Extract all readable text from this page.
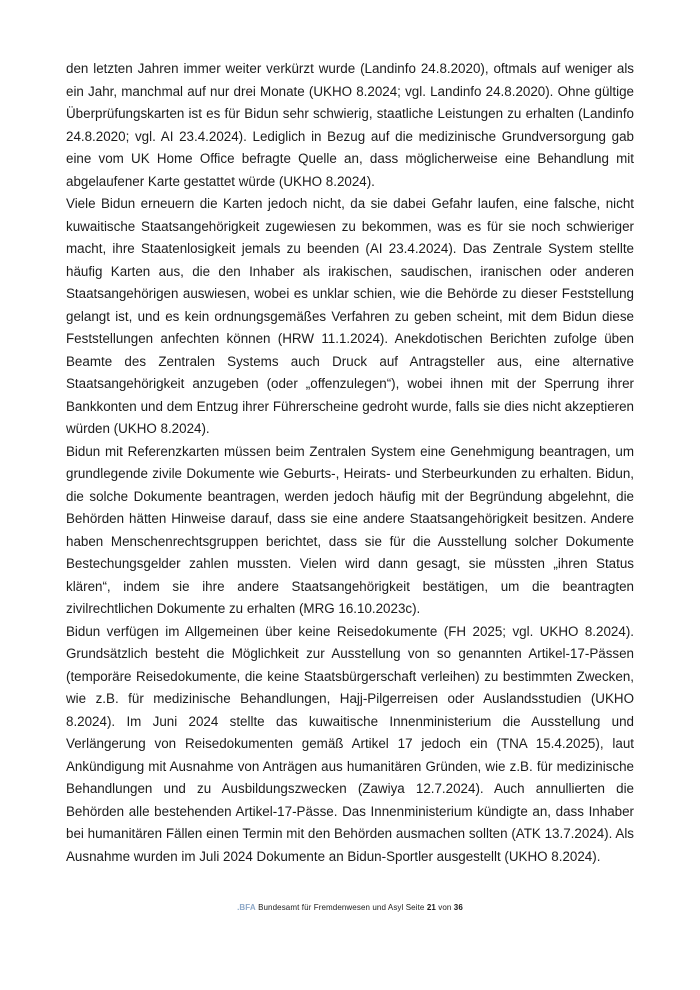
den letzten Jahren immer weiter verkürzt wurde (Landinfo 24.8.2020), oftmals auf weniger als ein Jahr, manchmal auf nur drei Monate (UKHO 8.2024; vgl. Landinfo 24.8.2020). Ohne gültige Überprüfungskarten ist es für Bidun sehr schwierig, staatliche Leistungen zu erhalten (Landinfo 24.8.2020; vgl. AI 23.4.2024). Lediglich in Bezug auf die medizinische Grundversorgung gab eine vom UK Home Office befragte Quelle an, dass möglicherweise eine Behandlung mit abgelaufener Karte gestattet würde (UKHO 8.2024).

Viele Bidun erneuern die Karten jedoch nicht, da sie dabei Gefahr laufen, eine falsche, nicht kuwaitische Staatsangehörigkeit zugewiesen zu bekommen, was es für sie noch schwieriger macht, ihre Staatenlosigkeit jemals zu beenden (AI 23.4.2024). Das Zentrale System stellte häufig Karten aus, die den Inhaber als irakischen, saudischen, iranischen oder anderen Staatsangehörigen auswiesen, wobei es unklar schien, wie die Behörde zu dieser Feststellung gelangt ist, und es kein ordnungsgemäßes Verfahren zu geben scheint, mit dem Bidun diese Feststellungen anfechten können (HRW 11.1.2024). Anekdotischen Berichten zufolge üben Beamte des Zentralen Systems auch Druck auf Antragsteller aus, eine alternative Staatsangehörigkeit anzugeben (oder „offenzulegen“), wobei ihnen mit der Sperrung ihrer Bankkonten und dem Entzug ihrer Führerscheine gedroht wurde, falls sie dies nicht akzeptieren würden (UKHO 8.2024).

Bidun mit Referenzkarten müssen beim Zentralen System eine Genehmigung beantragen, um grundlegende zivile Dokumente wie Geburts-, Heirats- und Sterbeurkunden zu erhalten. Bidun, die solche Dokumente beantragen, werden jedoch häufig mit der Begründung abgelehnt, die Behörden hätten Hinweise darauf, dass sie eine andere Staatsangehörigkeit besitzen. Andere haben Menschenrechtsgruppen berichtet, dass sie für die Ausstellung solcher Dokumente Bestechungsgelder zahlen mussten. Vielen wird dann gesagt, sie müssten „ihren Status klären“, indem sie ihre andere Staatsangehörigkeit bestätigen, um die beantragten zivilrechtlichen Dokumente zu erhalten (MRG 16.10.2023c).

Bidun verfügen im Allgemeinen über keine Reisedokumente (FH 2025; vgl. UKHO 8.2024). Grundsätzlich besteht die Möglichkeit zur Ausstellung von so genannten Artikel-17-Pässen (temporäre Reisedokumente, die keine Staatsbürgerschaft verleihen) zu bestimmten Zwecken, wie z.B. für medizinische Behandlungen, Hajj-Pilgerreisen oder Auslandsstudien (UKHO 8.2024). Im Juni 2024 stellte das kuwaitische Innenministerium die Ausstellung und Verlängerung von Reisedokumenten gemäß Artikel 17 jedoch ein (TNA 15.4.2025), laut Ankündigung mit Ausnahme von Anträgen aus humanitären Gründen, wie z.B. für medizinische Behandlungen und zu Ausbildungszwecken (Zawiya 12.7.2024). Auch annullierten die Behörden alle bestehenden Artikel-17-Pässe. Das Innenministerium kündigte an, dass Inhaber bei humanitären Fällen einen Termin mit den Behörden ausmachen sollten (ATK 13.7.2024). Als Ausnahme wurden im Juli 2024 Dokumente an Bidun-Sportler ausgestellt (UKHO 8.2024).

.BFA Bundesamt für Fremdenwesen und Asyl Seite 21 von 36
